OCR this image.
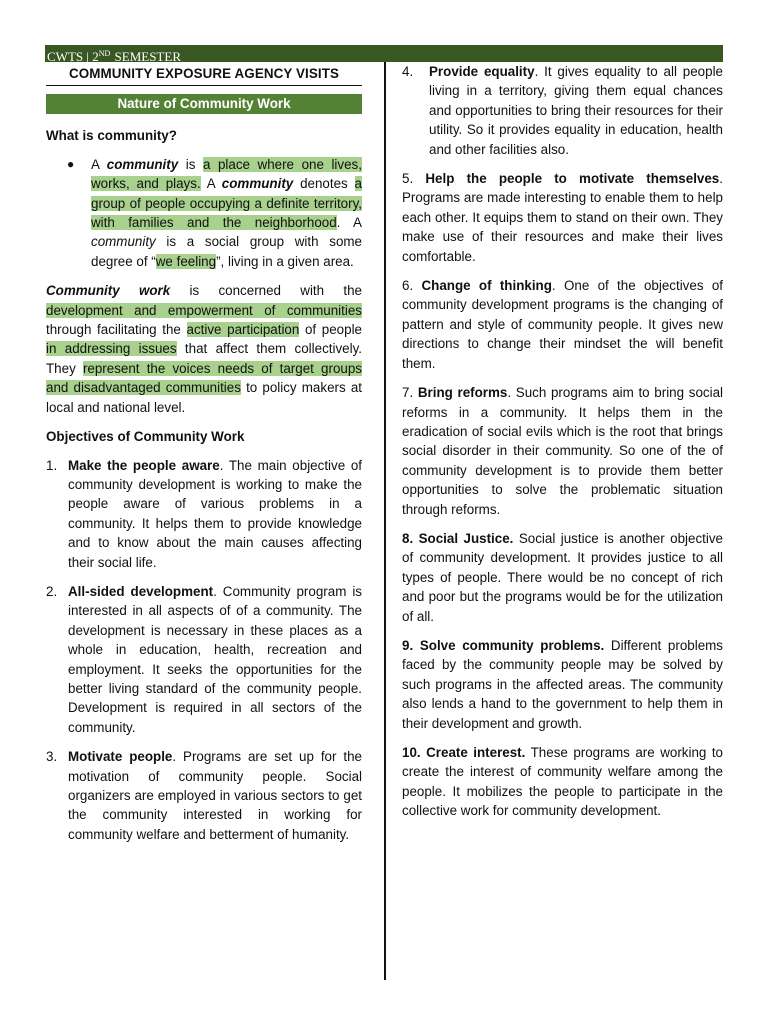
CWTS | 2ND SEMESTER
COMMUNITY EXPOSURE AGENCY VISITS
Nature of Community Work
What is community?
● A community is a place where one lives, works, and plays. A community denotes a group of people occupying a definite territory, with families and the neighborhood. A community is a social group with some degree of “we feeling”, living in a given area.

Community work is concerned with the development and empowerment of communities through facilitating the active participation of people in addressing issues that affect them collectively. They represent the voices needs of target groups and disadvantaged communities to policy makers at local and national level.

Objectives of Community Work
1. Make the people aware. The main objective of community development is working to make the people aware of various problems in a community. It helps them to provide knowledge and to know about the main causes affecting their social life.
2. All-sided development. Community program is interested in all aspects of of a community. The development is necessary in these places as a whole in education, health, recreation and employment. It seeks the opportunities for the better living standard of the community people. Development is required in all sectors of the community.
3. Motivate people. Programs are set up for the motivation of community people. Social organizers are employed in various sectors to get the community interested in working for community welfare and betterment of humanity.
4. Provide equality. It gives equality to all people living in a territory, giving them equal chances and opportunities to bring their resources for their utility. So it provides equality in education, health and other facilities also.

5. Help the people to motivate themselves. Programs are made interesting to enable them to help each other. It equips them to stand on their own. They make use of their resources and make their lives comfortable.

6. Change of thinking. One of the objectives of community development programs is the changing of pattern and style of community people. It gives new directions to change their mindset the will benefit them.

7. Bring reforms. Such programs aim to bring social reforms in a community. It helps them in the eradication of social evils which is the root that brings social disorder in their community. So one of the of community development is to provide them better opportunities to solve the problematic situation through reforms.

8. Social Justice. Social justice is another objective of community development. It provides justice to all types of people. There would be no concept of rich and poor but the programs would be for the utilization of all.

9. Solve community problems. Different problems faced by the community people may be solved by such programs in the affected areas. The community also lends a hand to the government to help them in their development and growth.

10. Create interest. These programs are working to create the interest of community welfare among the people. It mobilizes the people to participate in the collective work for community development.
